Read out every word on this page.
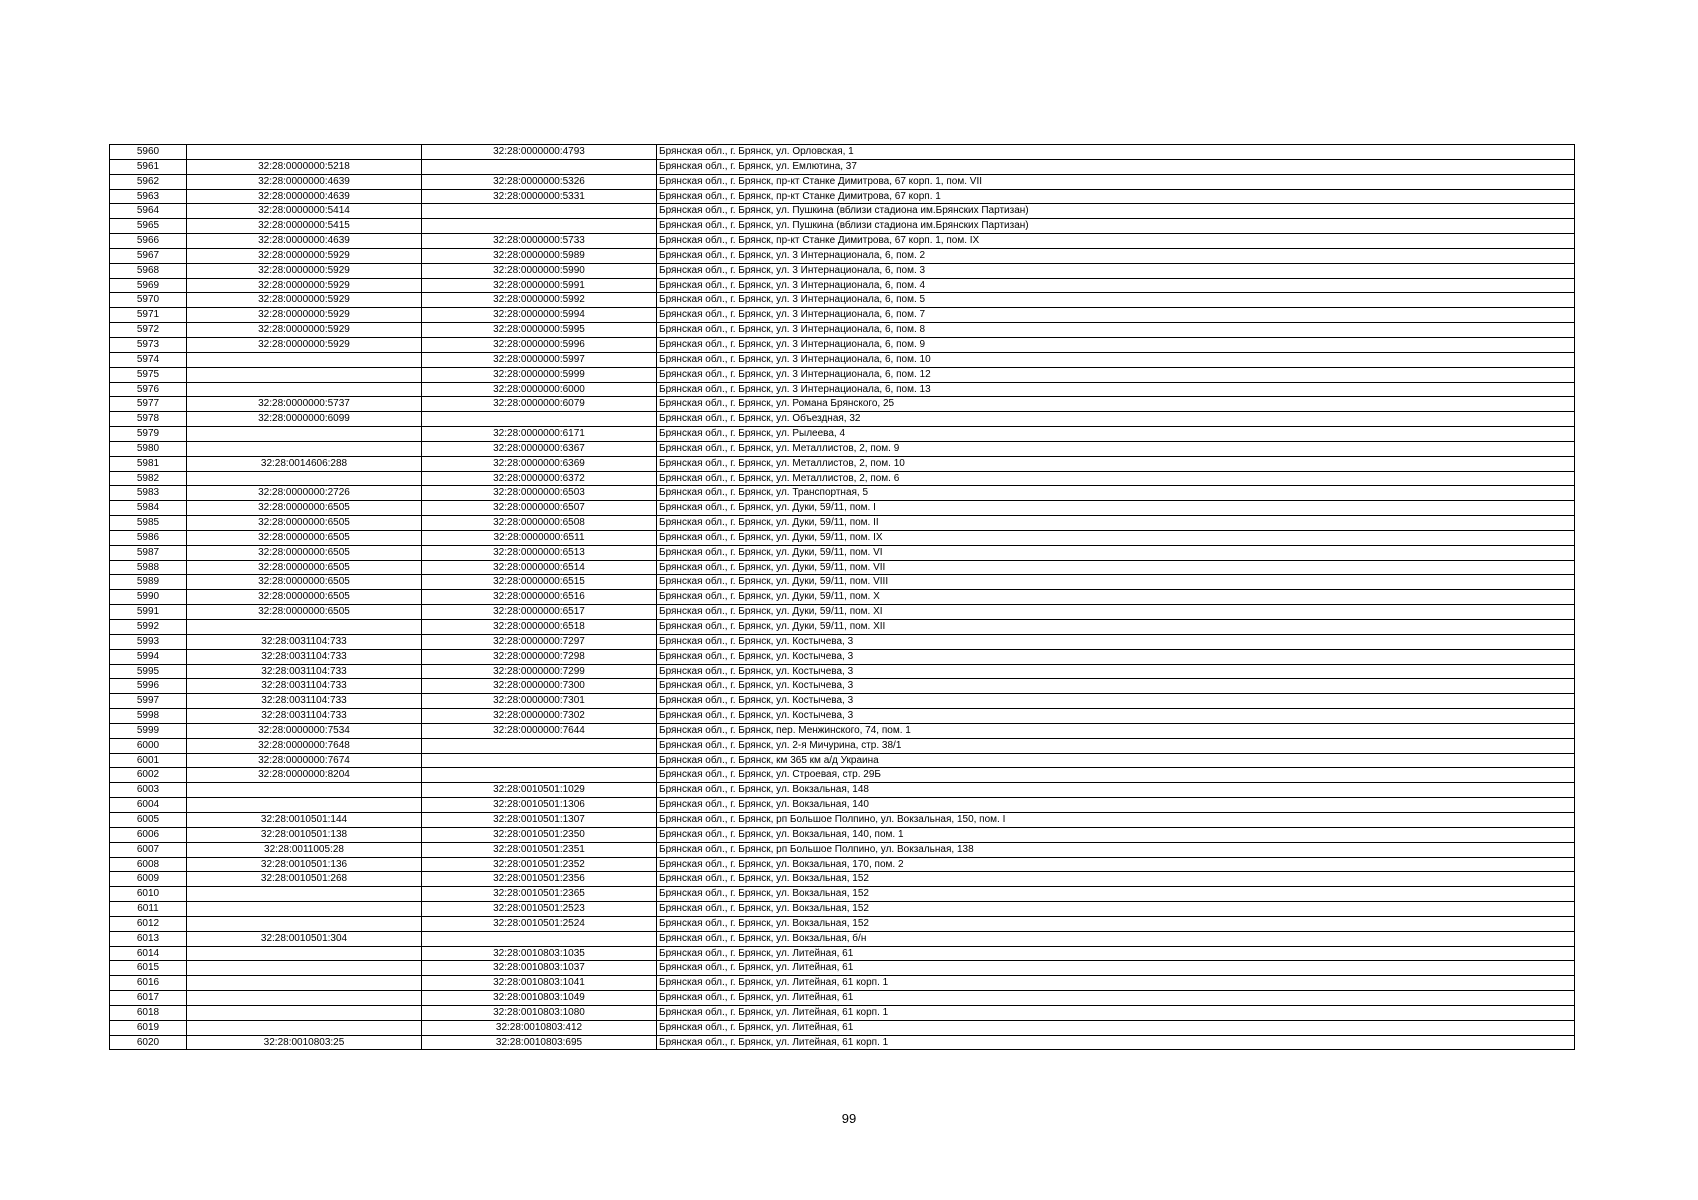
5960		32:28:0000000:4793	Брянская обл., г. Брянск, ул. Орловская, 1
5961	32:28:0000000:5218		Брянская обл., г. Брянск, ул. Емлютина, 37
5962	32:28:0000000:4639	32:28:0000000:5326	Брянская обл., г. Брянск, пр-кт Станке Димитрова, 67 корп. 1, пом. VII
5963	32:28:0000000:4639	32:28:0000000:5331	Брянская обл., г. Брянск, пр-кт Станке Димитрова, 67 корп. 1
5964	32:28:0000000:5414		Брянская обл., г. Брянск, ул. Пушкина (вблизи стадиона им.Брянских Партизан)
5965	32:28:0000000:5415		Брянская обл., г. Брянск, ул. Пушкина (вблизи стадиона им.Брянских Партизан)
5966	32:28:0000000:4639	32:28:0000000:5733	Брянская обл., г. Брянск, пр-кт Станке Димитрова, 67 корп. 1, пом. IX
5967	32:28:0000000:5929	32:28:0000000:5989	Брянская обл., г. Брянск, ул. 3 Интернационала, 6, пом. 2
5968	32:28:0000000:5929	32:28:0000000:5990	Брянская обл., г. Брянск, ул. 3 Интернационала, 6, пом. 3
5969	32:28:0000000:5929	32:28:0000000:5991	Брянская обл., г. Брянск, ул. 3 Интернационала, 6, пом. 4
5970	32:28:0000000:5929	32:28:0000000:5992	Брянская обл., г. Брянск, ул. 3 Интернационала, 6, пом. 5
5971	32:28:0000000:5929	32:28:0000000:5994	Брянская обл., г. Брянск, ул. 3 Интернационала, 6, пом. 7
5972	32:28:0000000:5929	32:28:0000000:5995	Брянская обл., г. Брянск, ул. 3 Интернационала, 6, пом. 8
5973	32:28:0000000:5929	32:28:0000000:5996	Брянская обл., г. Брянск, ул. 3 Интернационала, 6, пом. 9
5974		32:28:0000000:5997	Брянская обл., г. Брянск, ул. 3 Интернационала, 6, пом. 10
5975		32:28:0000000:5999	Брянская обл., г. Брянск, ул. 3 Интернационала, 6, пом. 12
5976		32:28:0000000:6000	Брянская обл., г. Брянск, ул. 3 Интернационала, 6, пом. 13
5977	32:28:0000000:5737	32:28:0000000:6079	Брянская обл., г. Брянск, ул. Романа Брянского, 25
5978	32:28:0000000:6099		Брянская обл., г. Брянск, ул. Объездная, 32
5979		32:28:0000000:6171	Брянская обл., г. Брянск, ул. Рылеева, 4
5980		32:28:0000000:6367	Брянская обл., г. Брянск, ул. Металлистов, 2, пом. 9
5981	32:28:0014606:288	32:28:0000000:6369	Брянская обл., г. Брянск, ул. Металлистов, 2, пом. 10
5982		32:28:0000000:6372	Брянская обл., г. Брянск, ул. Металлистов, 2, пом. 6
5983	32:28:0000000:2726	32:28:0000000:6503	Брянская обл., г. Брянск, ул. Транспортная, 5
5984	32:28:0000000:6505	32:28:0000000:6507	Брянская обл., г. Брянск, ул. Дуки, 59/11, пом. I
5985	32:28:0000000:6505	32:28:0000000:6508	Брянская обл., г. Брянск, ул. Дуки, 59/11, пом. II
5986	32:28:0000000:6505	32:28:0000000:6511	Брянская обл., г. Брянск, ул. Дуки, 59/11, пом. IX
5987	32:28:0000000:6505	32:28:0000000:6513	Брянская обл., г. Брянск, ул. Дуки, 59/11, пом. VI
5988	32:28:0000000:6505	32:28:0000000:6514	Брянская обл., г. Брянск, ул. Дуки, 59/11, пом. VII
5989	32:28:0000000:6505	32:28:0000000:6515	Брянская обл., г. Брянск, ул. Дуки, 59/11, пом. VIII
5990	32:28:0000000:6505	32:28:0000000:6516	Брянская обл., г. Брянск, ул. Дуки, 59/11, пом. X
5991	32:28:0000000:6505	32:28:0000000:6517	Брянская обл., г. Брянск, ул. Дуки, 59/11, пом. XI
5992		32:28:0000000:6518	Брянская обл., г. Брянск, ул. Дуки, 59/11, пом. XII
5993	32:28:0031104:733	32:28:0000000:7297	Брянская обл., г. Брянск, ул. Костычева, 3
5994	32:28:0031104:733	32:28:0000000:7298	Брянская обл., г. Брянск, ул. Костычева, 3
5995	32:28:0031104:733	32:28:0000000:7299	Брянская обл., г. Брянск, ул. Костычева, 3
5996	32:28:0031104:733	32:28:0000000:7300	Брянская обл., г. Брянск, ул. Костычева, 3
5997	32:28:0031104:733	32:28:0000000:7301	Брянская обл., г. Брянск, ул. Костычева, 3
5998	32:28:0031104:733	32:28:0000000:7302	Брянская обл., г. Брянск, ул. Костычева, 3
5999	32:28:0000000:7534	32:28:0000000:7644	Брянская обл., г. Брянск, пер. Менжинского, 74, пом. 1
6000	32:28:0000000:7648		Брянская обл., г. Брянск, ул. 2-я Мичурина, стр. 38/1
6001	32:28:0000000:7674		Брянская обл., г. Брянск, км 365 км а/д Украина
6002	32:28:0000000:8204		Брянская обл., г. Брянск, ул. Строевая, стр. 29Б
6003		32:28:0010501:1029	Брянская обл., г. Брянск, ул. Вокзальная, 148
6004		32:28:0010501:1306	Брянская обл., г. Брянск, ул. Вокзальная, 140
6005	32:28:0010501:144	32:28:0010501:1307	Брянская обл., г. Брянск, рп Большое Полпино, ул. Вокзальная, 150, пом. I
6006	32:28:0010501:138	32:28:0010501:2350	Брянская обл., г. Брянск, ул. Вокзальная, 140, пом. 1
6007	32:28:0011005:28	32:28:0010501:2351	Брянская обл., г. Брянск, рп Большое Полпино, ул. Вокзальная, 138
6008	32:28:0010501:136	32:28:0010501:2352	Брянская обл., г. Брянск, ул. Вокзальная, 170, пом. 2
6009	32:28:0010501:268	32:28:0010501:2356	Брянская обл., г. Брянск, ул. Вокзальная, 152
6010		32:28:0010501:2365	Брянская обл., г. Брянск, ул. Вокзальная, 152
6011		32:28:0010501:2523	Брянская обл., г. Брянск, ул. Вокзальная, 152
6012		32:28:0010501:2524	Брянская обл., г. Брянск, ул. Вокзальная, 152
6013	32:28:0010501:304		Брянская обл., г. Брянск, ул. Вокзальная, б/н
6014		32:28:0010803:1035	Брянская обл., г. Брянск, ул. Литейная, 61
6015		32:28:0010803:1037	Брянская обл., г. Брянск, ул. Литейная, 61
6016		32:28:0010803:1041	Брянская обл., г. Брянск, ул. Литейная, 61 корп. 1
6017		32:28:0010803:1049	Брянская обл., г. Брянск, ул. Литейная, 61
6018		32:28:0010803:1080	Брянская обл., г. Брянск, ул. Литейная, 61 корп. 1
6019		32:28:0010803:412	Брянская обл., г. Брянск, ул. Литейная, 61
6020	32:28:0010803:25	32:28:0010803:695	Брянская обл., г. Брянск, ул. Литейная, 61 корп. 1
99
